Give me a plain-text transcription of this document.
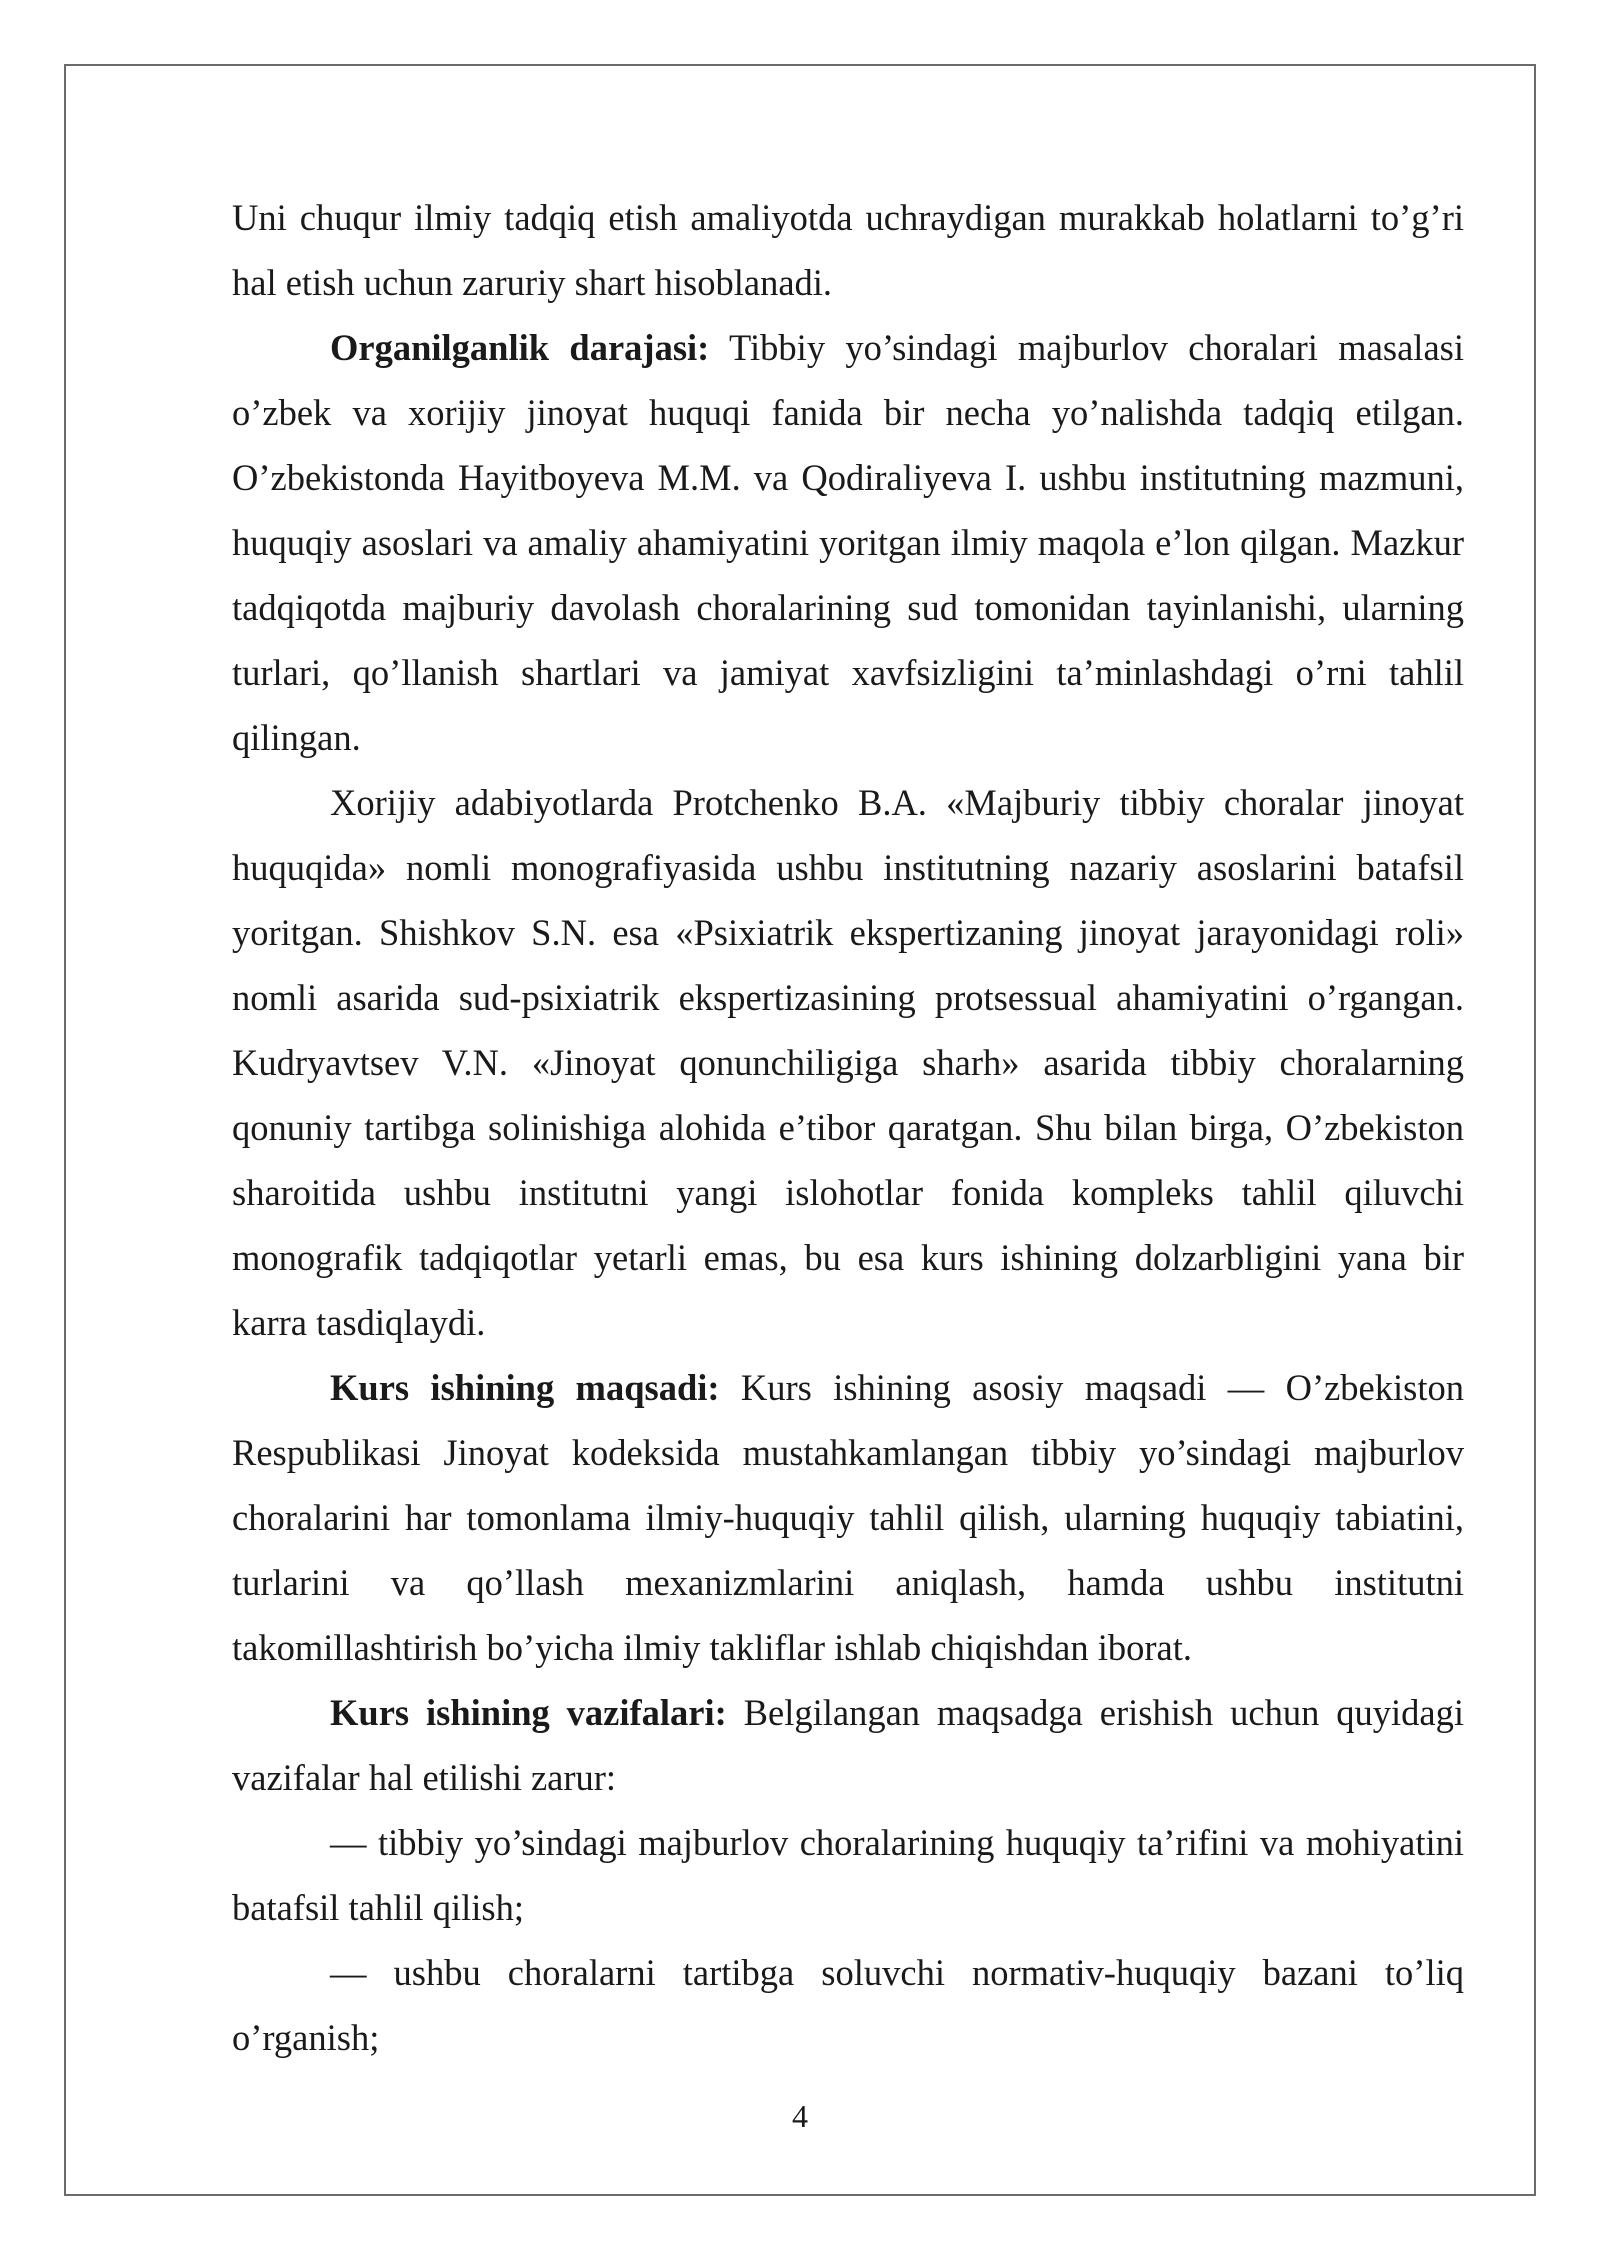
Uni chuqur ilmiy tadqiq etish amaliyotda uchraydigan murakkab holatlarni to’g’ri hal etish uchun zaruriy shart hisoblanadi.

Organilganlik darajasi: Tibbiy yo’sindagi majburlov choralari masalasi o’zbek va xorijiy jinoyat huquqi fanida bir necha yo’nalishda tadqiq etilgan. O’zbekistonda Hayitboyeva M.M. va Qodiraliyeva I. ushbu institutning mazmuni, huquqiy asoslari va amaliy ahamiyatini yoritgan ilmiy maqola e’lon qilgan. Mazkur tadqiqotda majburiy davolash choralarining sud tomonidan tayinlanishi, ularning turlari, qo’llanish shartlari va jamiyat xavfsizligini ta’minlashdagi o’rni tahlil qilingan.

Xorijiy adabiyotlarda Protchenko B.A. «Majburiy tibbiy choralar jinoyat huquqida» nomli monografiyasida ushbu institutning nazariy asoslarini batafsil yoritgan. Shishkov S.N. esa «Psixiatrik ekspertizaning jinoyat jarayonidagi roli» nomli asarida sud-psixiatrik ekspertizasining protsessual ahamiyatini o’rgangan. Kudryavtsev V.N. «Jinoyat qonunchiligiga sharh» asarida tibbiy choralarning qonuniy tartibga solinishiga alohida e’tibor qaratgan. Shu bilan birga, O’zbekiston sharoitida ushbu institutni yangi islohotlar fonida kompleks tahlil qiluvchi monografik tadqiqotlar yetarli emas, bu esa kurs ishining dolzarbligini yana bir karra tasdiqlaydi.

Kurs ishining maqsadi: Kurs ishining asosiy maqsadi — O’zbekiston Respublikasi Jinoyat kodeksida mustahkamlangan tibbiy yo’sindagi majburlov choralarini har tomonlama ilmiy-huquqiy tahlil qilish, ularning huquqiy tabiatini, turlarini va qo’llash mexanizmlarini aniqlash, hamda ushbu institutni takomillashtirish bo’yicha ilmiy takliflar ishlab chiqishdan iborat.

Kurs ishining vazifalari: Belgilangan maqsadga erishish uchun quyidagi vazifalar hal etilishi zarur:

— tibbiy yo’sindagi majburlov choralarining huquqiy ta’rifini va mohiyatini batafsil tahlil qilish;

— ushbu choralarni tartibga soluvchi normativ-huquqiy bazani to’liq o’rganish;

4
